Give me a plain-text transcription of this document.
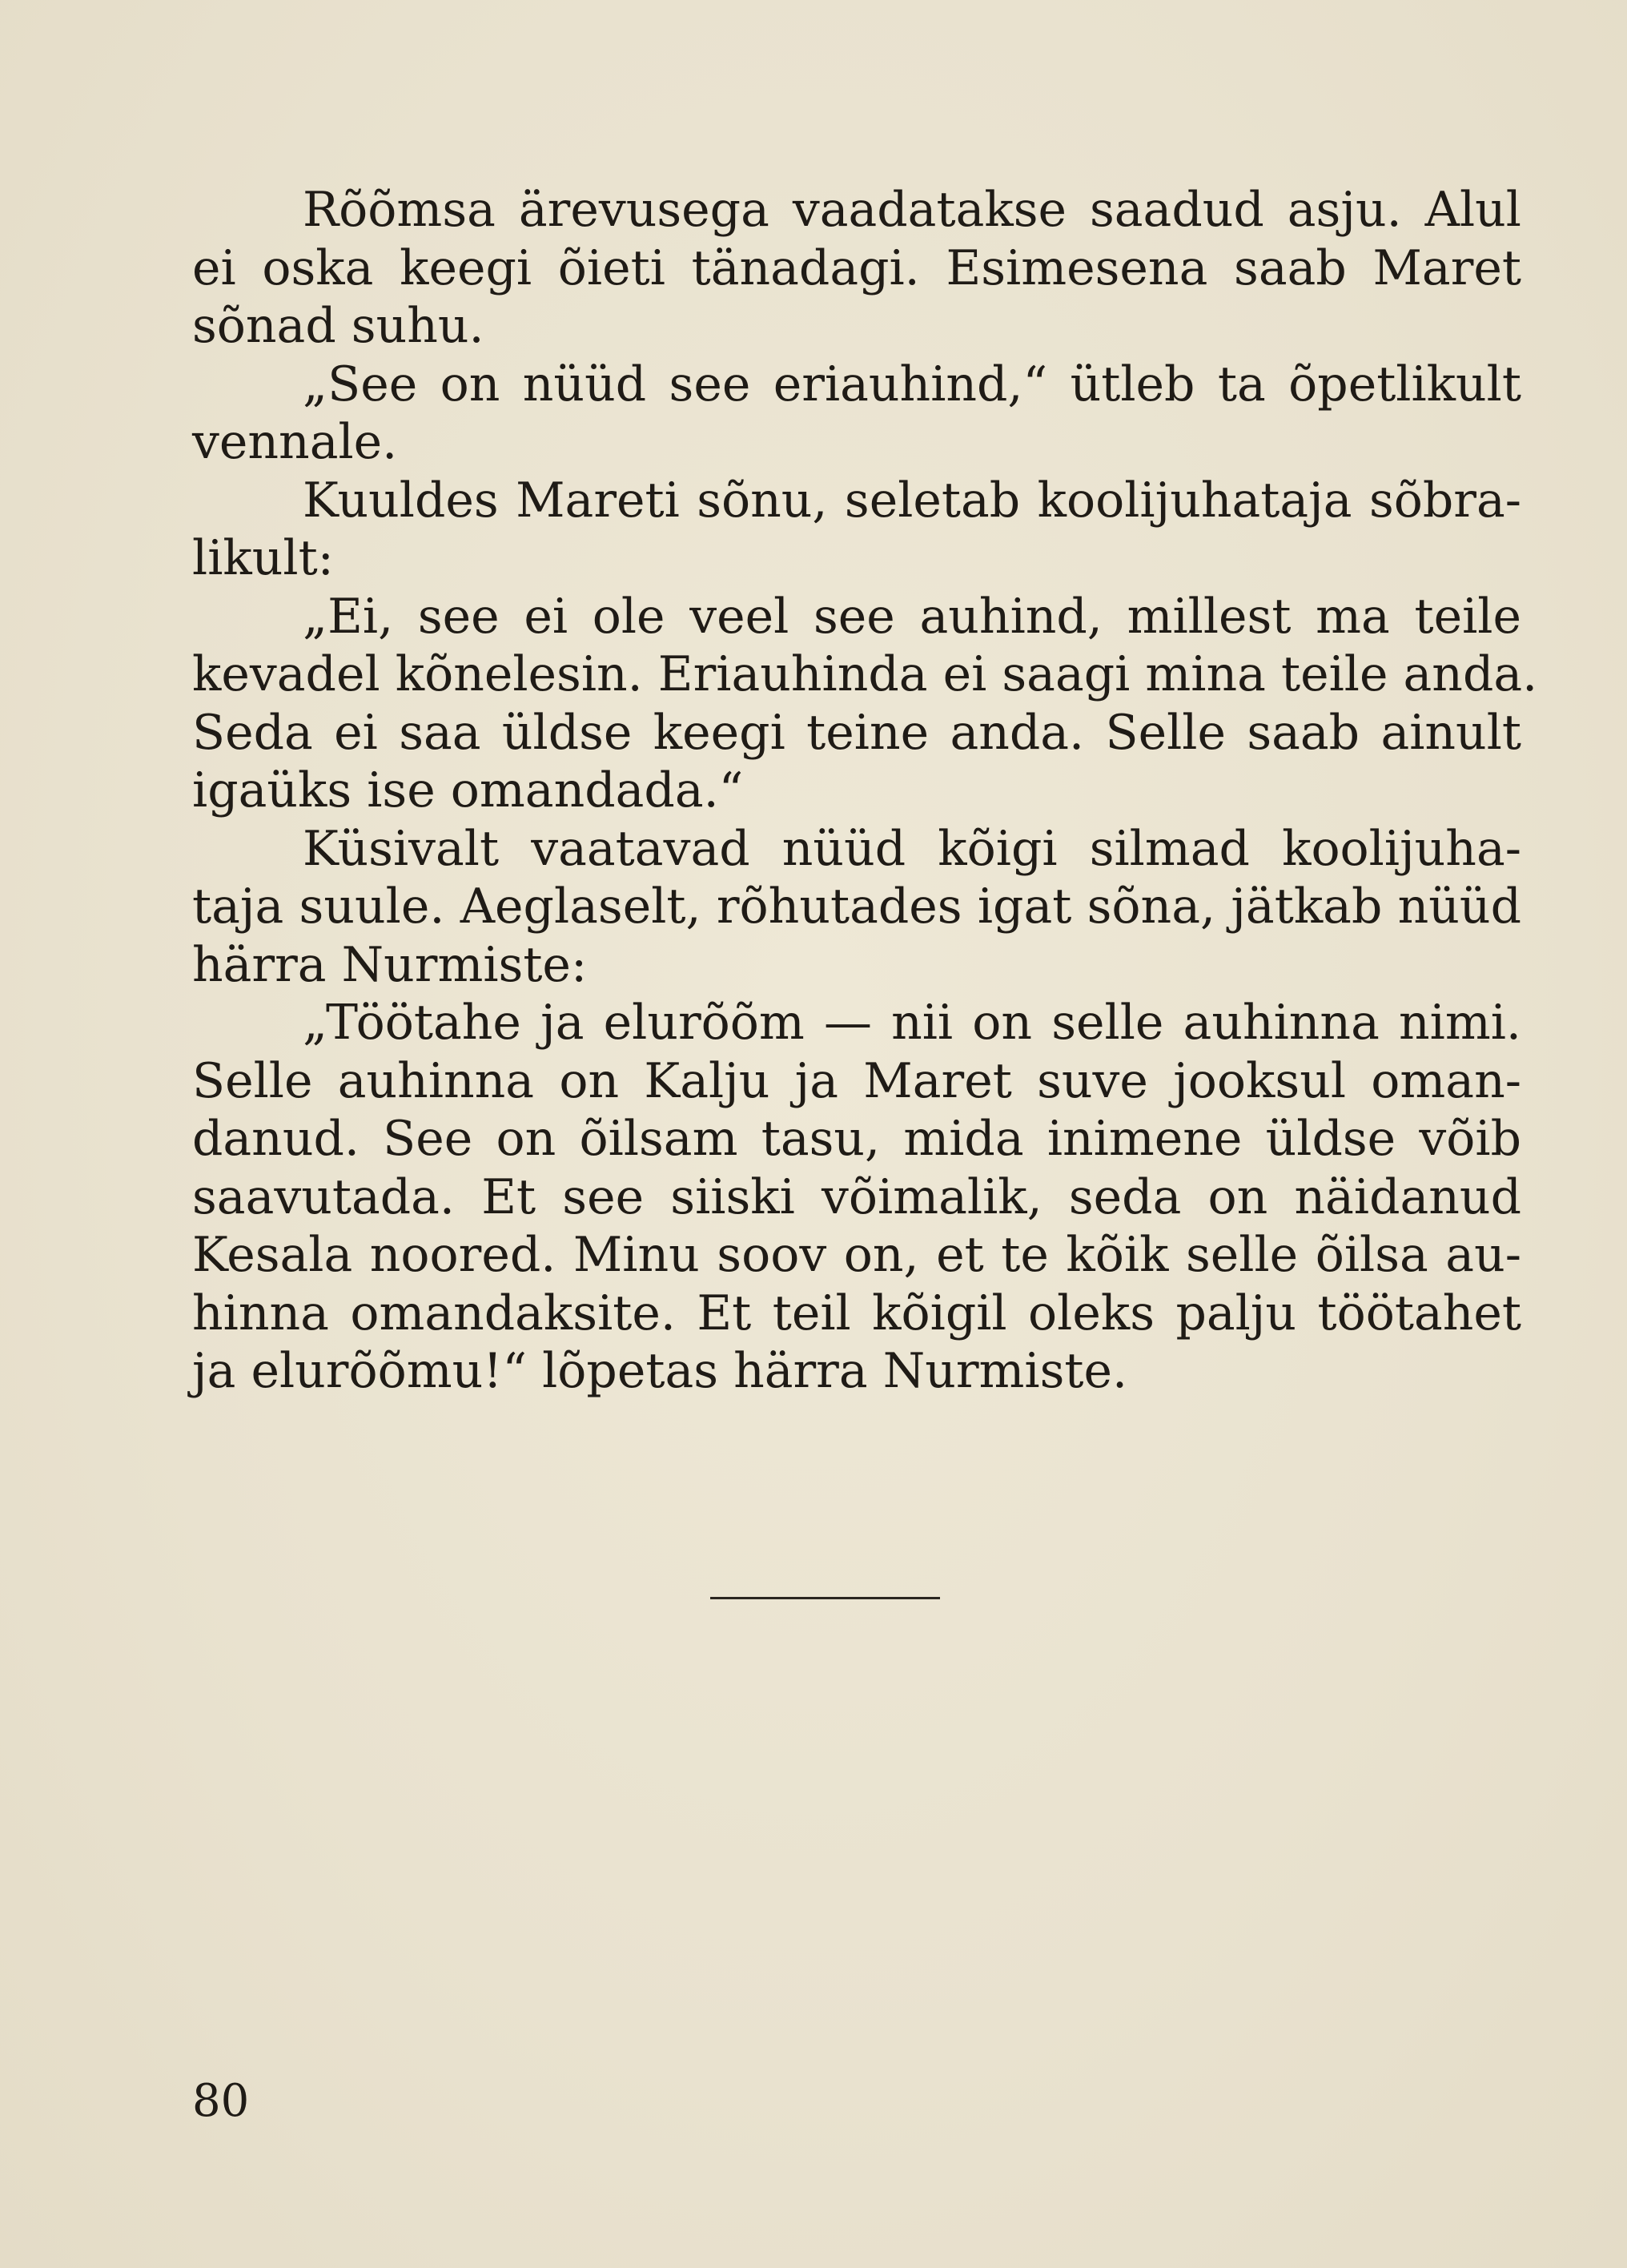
Rõõmsa ärevusega vaadatakse saadud asju. Alul
ei oska keegi õieti tänadagi. Esimesena saab Maret
sõnad suhu.
„See on nüüd see eriauhind,“ ütleb ta õpetlikult
vennale.
Kuuldes Mareti sõnu, seletab koolijuhataja sõbra-
likult:
„Ei, see ei ole veel see auhind, millest ma teile
kevadel kõnelesin. Eriauhinda ei saagi mina teile anda.
Seda ei saa üldse keegi teine anda. Selle saab ainult
igaüks ise omandada.“
Küsivalt vaatavad nüüd kõigi silmad koolijuha-
taja suule. Aeglaselt, rõhutades igat sõna, jätkab nüüd
härra Nurmiste:
„Töötahe ja elurõõm — nii on selle auhinna nimi.
Selle auhinna on Kalju ja Maret suve jooksul oman-
danud. See on õilsam tasu, mida inimene üldse võib
saavutada. Et see siiski võimalik, seda on näidanud
Kesala noored. Minu soov on, et te kõik selle õilsa au-
hinna omandaksite. Et teil kõigil oleks palju töötahet
ja elurõõmu!“ lõpetas härra Nurmiste.
80
